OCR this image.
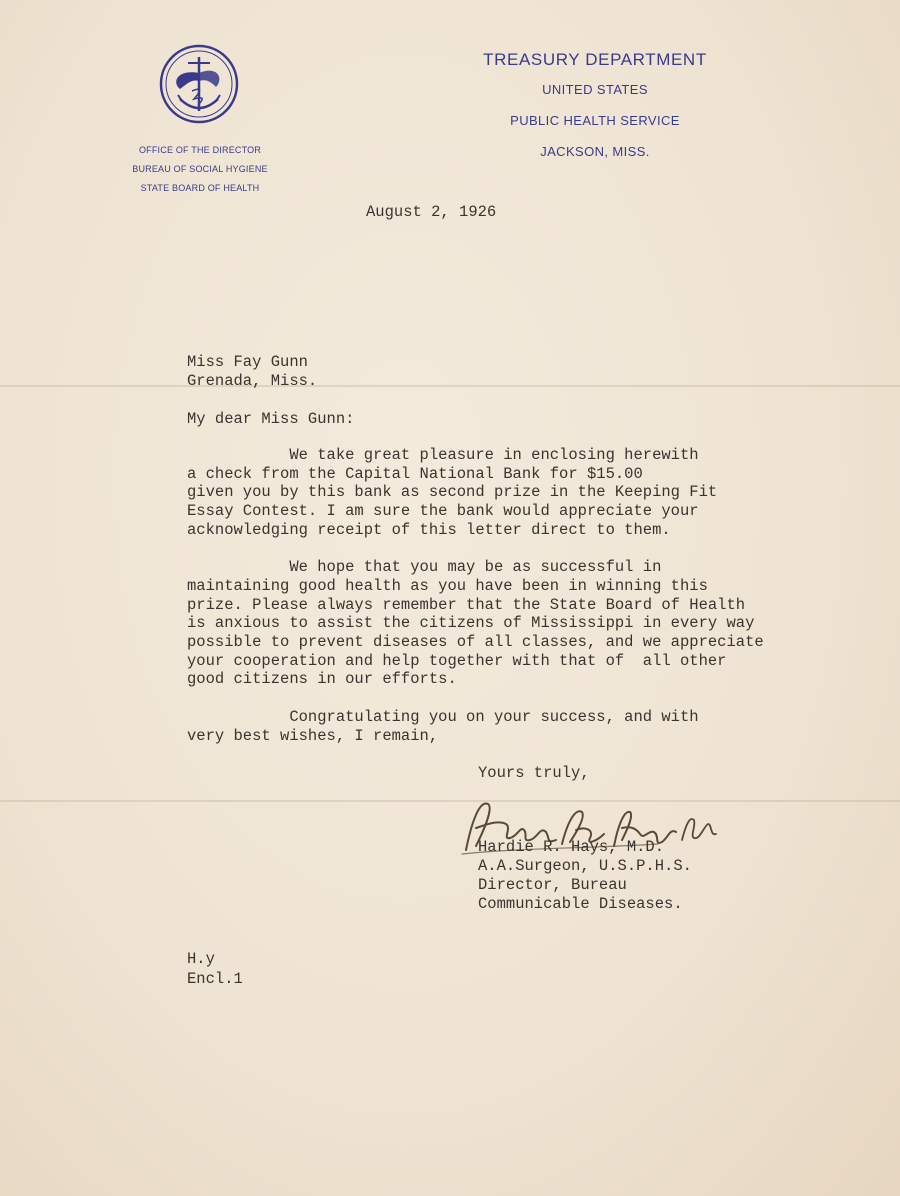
OFFICE OF THE DIRECTOR
BUREAU OF SOCIAL HYGIENE
STATE BOARD OF HEALTH
TREASURY DEPARTMENT
UNITED STATES
PUBLIC HEALTH SERVICE
JACKSON, MISS.
August 2, 1926
Miss Fay Gunn
Grenada, Miss.
My dear Miss Gunn:
We take great pleasure in enclosing herewith
a check from the Capital National Bank for $15.00
given you by this bank as second prize in the Keeping Fit
Essay Contest. I am sure the bank would appreciate your
acknowledging receipt of this letter direct to them.
We hope that you may be as successful in
maintaining good health as you have been in winning this
prize. Please always remember that the State Board of Health
is anxious to assist the citizens of Mississippi in every way
possible to prevent diseases of all classes, and we appreciate
your cooperation and help together with that of  all other
good citizens in our efforts.
Congratulating you on your success, and with
very best wishes, I remain,
Yours truly,
Hardie R. Hays, M.D.
A.A.Surgeon, U.S.P.H.S.
Director, Bureau
Communicable Diseases.
H.y
Encl.1
